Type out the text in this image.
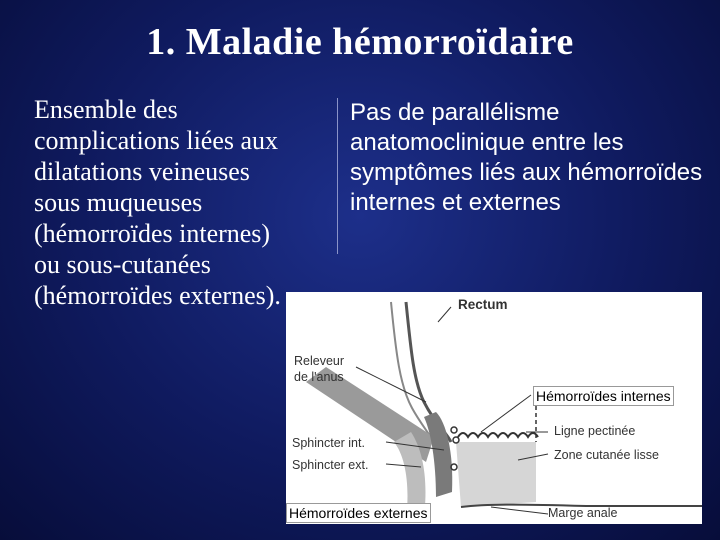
1. Maladie hémorroïdaire

Ensemble des complications liées aux dilatations veineuses sous muqueuses (hémorroïdes internes) ou sous-cutanées (hémorroïdes externes).

Pas de parallélisme anatomoclinique entre les symptômes liés aux hémorroïdes internes et externes

Rectum
Releveur
de l'anus
Sphincter int.
Sphincter ext.
Ligne pectinée
Zone cutanée lisse
Marge anale
Hémorroïdes internes
Hémorroïdes externes
